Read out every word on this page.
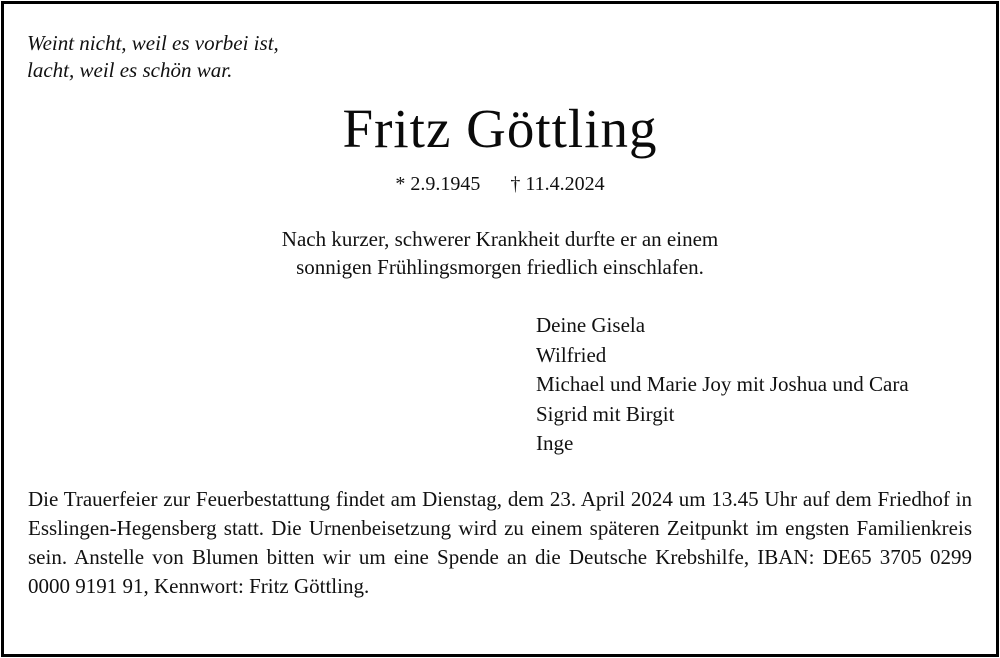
Weint nicht, weil es vorbei ist,
lacht, weil es schön war.
Fritz Göttling
* 2.9.1945 † 11.4.2024
Nach kurzer, schwerer Krankheit durfte er an einem
sonnigen Frühlingsmorgen friedlich einschlafen.
Deine Gisela
Wilfried
Michael und Marie Joy mit Joshua und Cara
Sigrid mit Birgit
Inge
Die Trauerfeier zur Feuerbestattung findet am Dienstag, dem 23. April 2024 um 13.45 Uhr auf dem Friedhof in Esslingen-Hegensberg statt. Die Urnenbeisetzung wird zu einem späteren Zeitpunkt im engsten Familienkreis sein. Anstelle von Blumen bitten wir um eine Spende an die Deutsche Krebshilfe, IBAN: DE65 3705 0299 0000 9191 91, Kennwort: Fritz Göttling.
